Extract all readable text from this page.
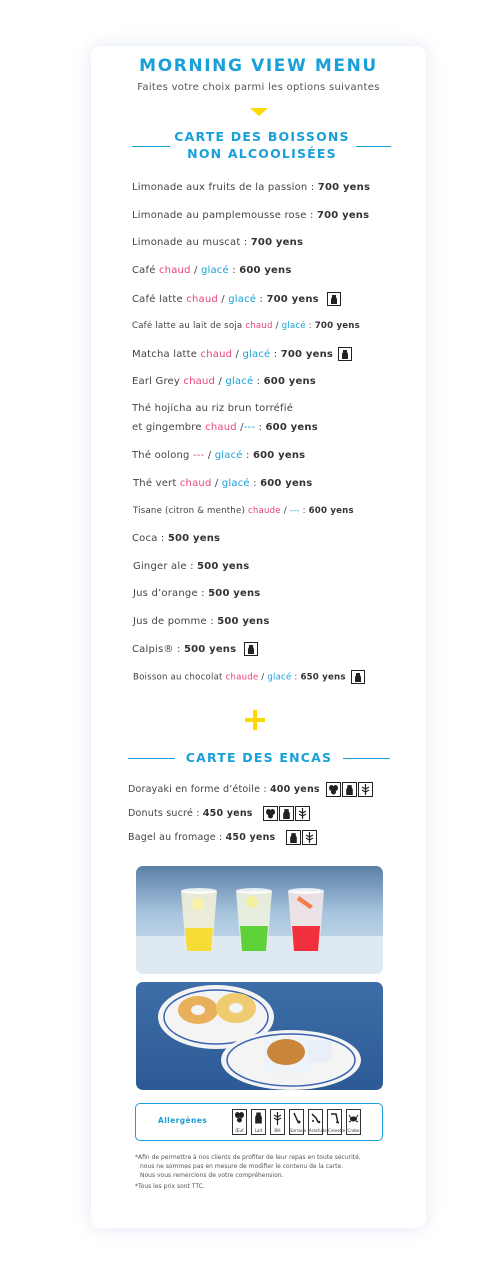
MORNING VIEW MENU
Faites votre choix parmi les options suivantes
CARTE DES BOISSONS
NON ALCOOLISÉES
Limonade aux fruits de la passion : 700 yens
Limonade au pamplemousse rose : 700 yens
Limonade au muscat : 700 yens
Café chaud / glacé : 600 yens
Café latte chaud / glacé : 700 yens
Café latte au lait de soja chaud / glacé : 700 yens
Matcha latte chaud / glacé : 700 yens
Earl Grey chaud / glacé : 600 yens
Thé hojicha au riz brun torréfié
et gingembre chaud /--- : 600 yens
Thé oolong --- / glacé : 600 yens
Thé vert chaud / glacé : 600 yens
Tisane (citron & menthe) chaude / --- : 600 yens
Coca : 500 yens
Ginger ale : 500 yens
Jus d’orange : 500 yens
Jus de pomme : 500 yens
Calpis® : 500 yens
Boisson au chocolat chaude / glacé : 650 yens
CARTE DES ENCAS
Dorayaki en forme d’étoile : 400 yens
Donuts sucré : 450 yens
Bagel au fromage : 450 yens
Allergènes
Œuf	Lait	Blé	Sarrasin Arachide Crevette Crabe
*Afin de permettre à nos clients de profiter de leur repas en toute sécurité,
nous ne sommes pas en mesure de modifier le contenu de la carte.
Nous vous remercions de votre compréhension.
*Tous les prix sont TTC.
